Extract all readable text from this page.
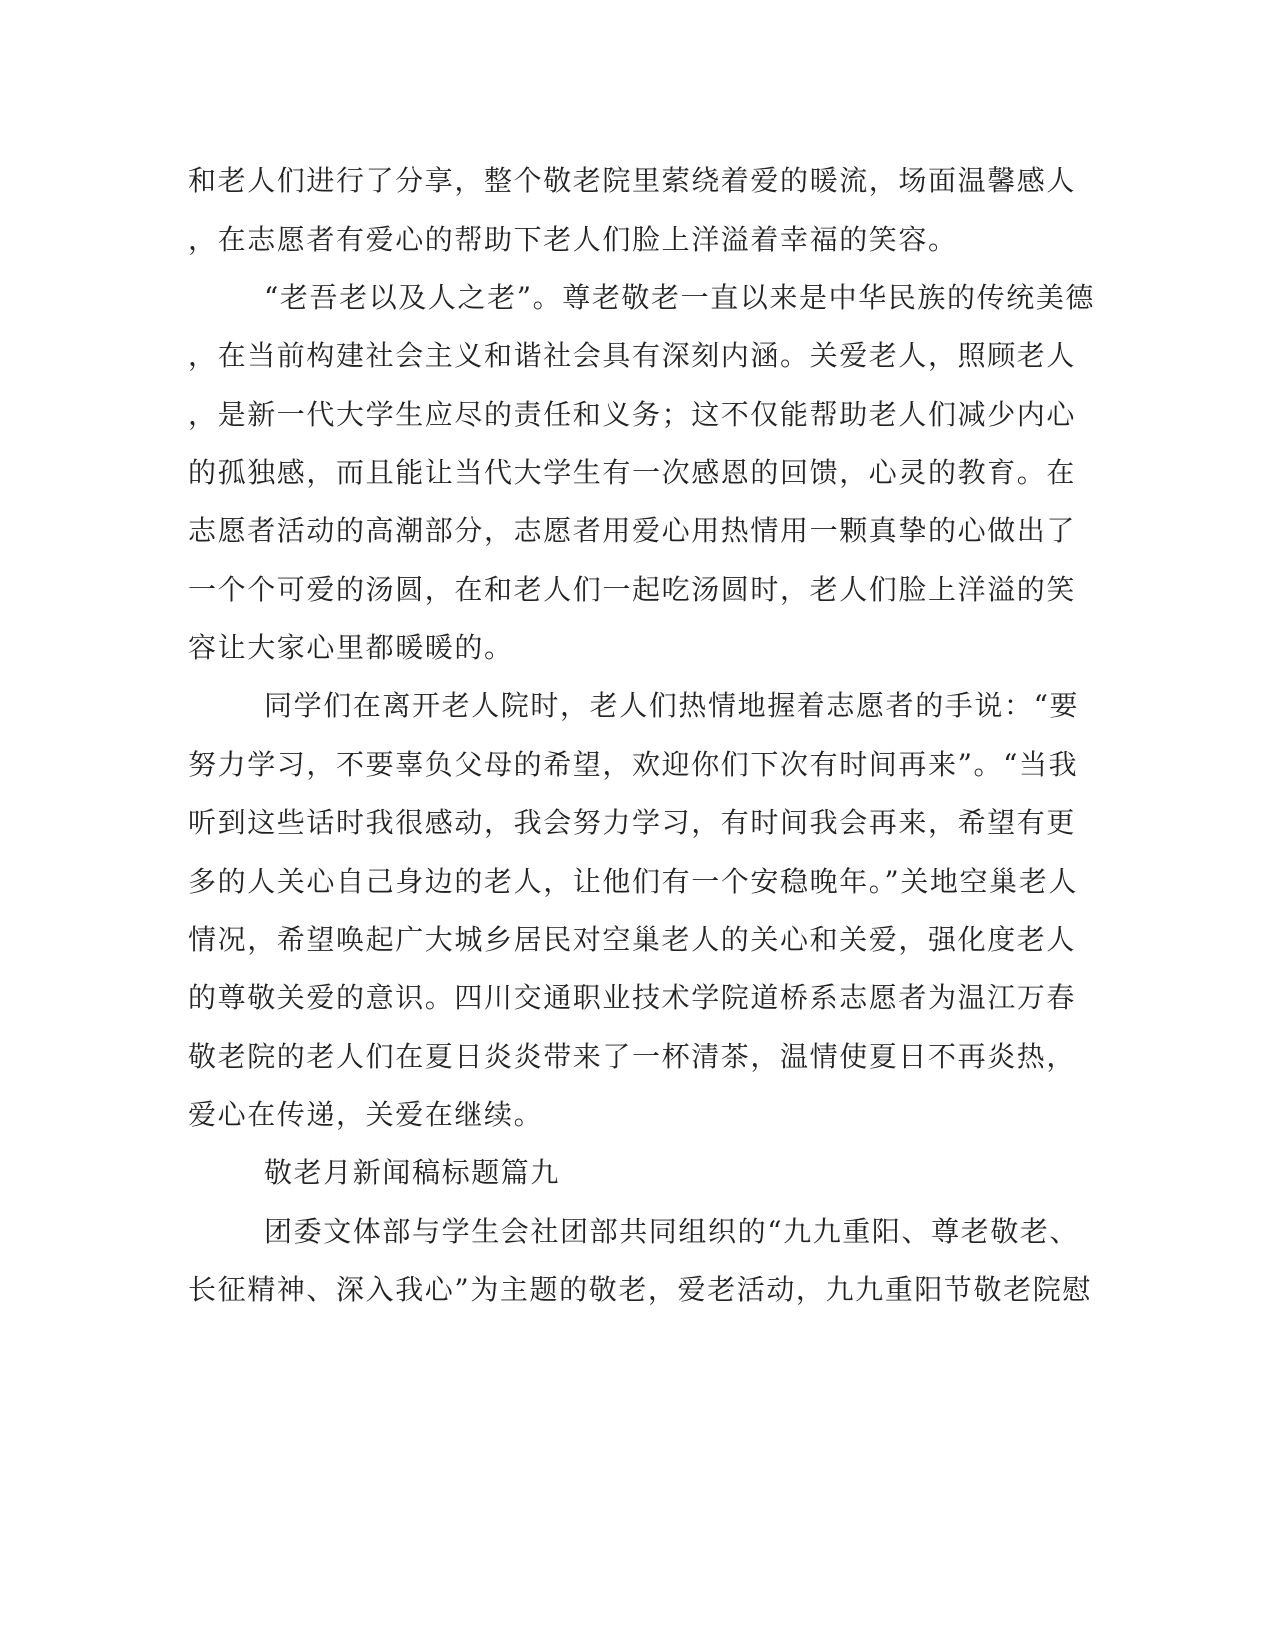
和老人们进行了分享，整个敬老院里萦绕着爱的暖流，场面温馨感人

，在志愿者有爱心的帮助下老人们脸上洋溢着幸福的笑容。

“老吾老以及人之老”。尊老敬老一直以来是中华民族的传统美德

，在当前构建社会主义和谐社会具有深刻内涵。关爱老人，照顾老人

，是新一代大学生应尽的责任和义务；这不仅能帮助老人们减少内心

的孤独感，而且能让当代大学生有一次感恩的回馈，心灵的教育。在

志愿者活动的高潮部分，志愿者用爱心用热情用一颗真挚的心做出了

一个个可爱的汤圆，在和老人们一起吃汤圆时，老人们脸上洋溢的笑

容让大家心里都暖暖的。

同学们在离开老人院时，老人们热情地握着志愿者的手说：“要

努力学习，不要辜负父母的希望，欢迎你们下次有时间再来”。“当我

听到这些话时我很感动，我会努力学习，有时间我会再来，希望有更

多的人关心自己身边的老人，让他们有一个安稳晚年。”关地空巢老人

情况，希望唤起广大城乡居民对空巢老人的关心和关爱，强化度老人

的尊敬关爱的意识。四川交通职业技术学院道桥系志愿者为温江万春

敬老院的老人们在夏日炎炎带来了一杯清茶，温情使夏日不再炎热，

爱心在传递，关爱在继续。

敬老月新闻稿标题篇九

团委文体部与学生会社团部共同组织的“九九重阳、尊老敬老、

长征精神、深入我心”为主题的敬老，爱老活动，九九重阳节敬老院慰
